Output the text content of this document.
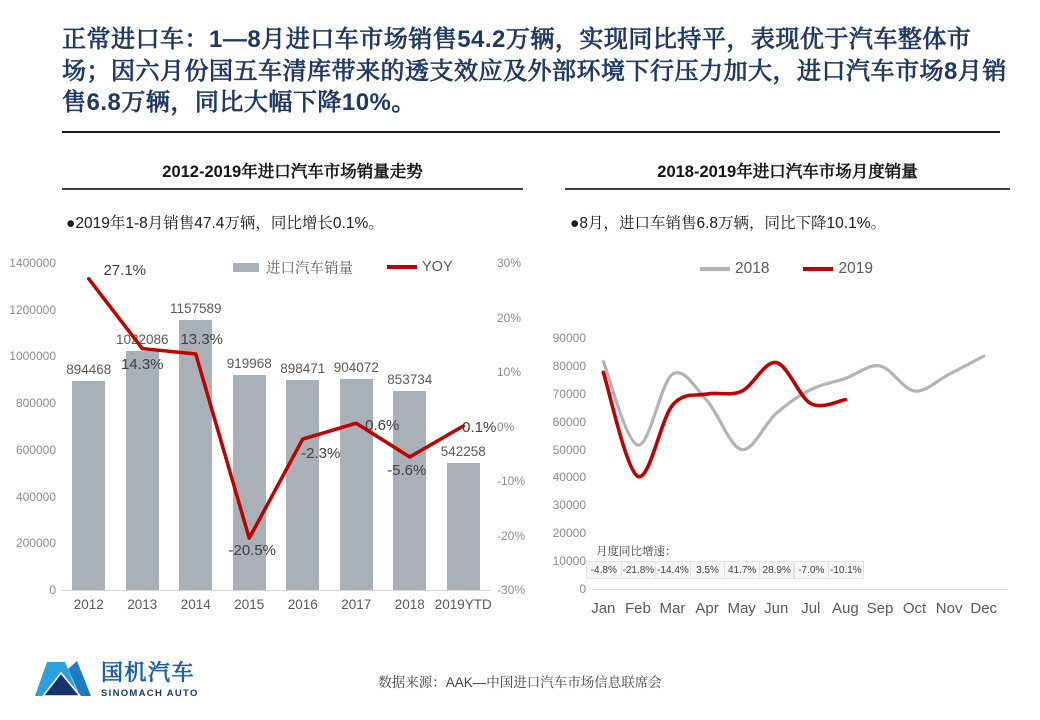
正常进口车：1—8月进口车市场销售54.2万辆，实现同比持平，表现优于汽车整体市场；因六月份国五车清库带来的透支效应及外部环境下行压力加大，进口汽车市场8月销售6.8万辆，同比大幅下降10%。
2012-2019年进口汽车市场销量走势
●2019年1-8月销售47.4万辆，同比增长0.1%。
2018-2019年进口汽车市场月度销量
●8月，进口车销售6.8万辆，同比下降10.1%。
进口汽车销量	YOY	2018	2019
0
200000
400000
600000
800000
1000000
1200000
1400000	30%
20%
10%
0%
-10%
-20%
-30%
894468
2012
1022086
2013
1157589
2014
919968
2015
898471
2016
904072
2017
853734
2018
542258
2019YTD
27.1%
14.3%
13.3%
-20.5%
-2.3%
0.6%
-5.6%
0.1%
0
10000
20000
30000
40000
50000
60000
70000
80000
90000
Jan Feb Mar Apr May Jun Jul Aug Sep Oct Nov Dec
月度同比增速：
-4.8% -21.8% -14.4% 3.5% 41.7% 28.9% -7.0% -10.1%
国机汽车
SINOMACH AUTO
数据来源：AAK—中国进口汽车市场信息联席会
